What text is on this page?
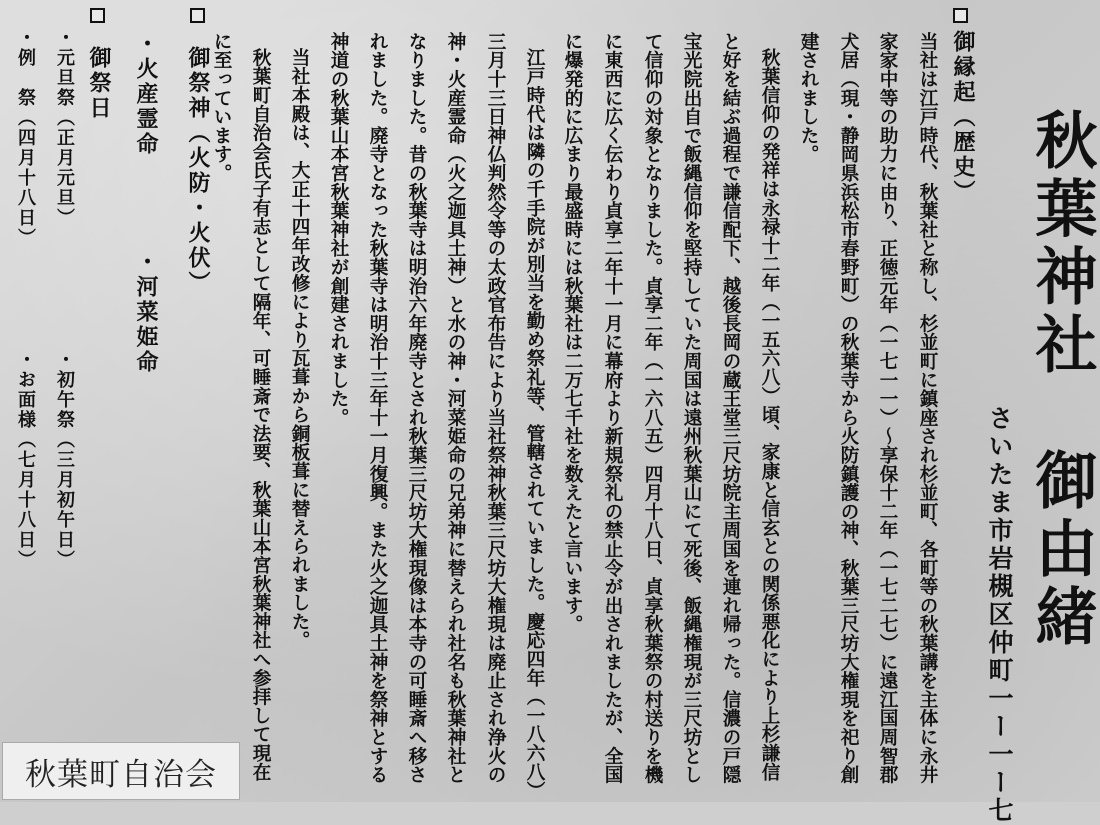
秋葉神社　御由緒

さいたま市岩槻区仲町一ー一ー七

御縁起（歴史）

当社は江戸時代、秋葉社と称し、杉並町に鎮座され杉並町、各町等の秋葉講を主体に永井

家家中等の助力に由り、正徳元年（一七一一）～享保十二年（一七二七）に遠江国周智郡

犬居（現・静岡県浜松市春野町）の秋葉寺から火防鎮護の神、秋葉三尺坊大権現を祀り創

建されました。

秋葉信仰の発祥は永禄十二年（一五六八）頃、家康と信玄との関係悪化により上杉謙信

と好を結ぶ過程で謙信配下、越後長岡の蔵王堂三尺坊院主周国を連れ帰った。信濃の戸隠

宝光院出自で飯縄信仰を堅持していた周国は遠州秋葉山にて死後、飯縄権現が三尺坊とし

て信仰の対象となりました。貞享二年（一六八五）四月十八日、貞享秋葉祭の村送りを機

に東西に広く伝わり貞享二年十一月に幕府より新規祭礼の禁止令が出されましたが、全国

に爆発的に広まり最盛時には秋葉社は二万七千社を数えたと言います。

江戸時代は隣の千手院が別当を勤め祭礼等、管轄されていました。慶応四年（一八六八）

三月十三日神仏判然令等の太政官布告により当社祭神秋葉三尺坊大権現は廃止され浄火の

神・火産霊命（火之迦具土神）と水の神・河菜姫命の兄弟神に替えられ社名も秋葉神社と

なりました。昔の秋葉寺は明治六年廃寺とされ秋葉三尺坊大権現像は本寺の可睡斎へ移さ

れました。廃寺となった秋葉寺は明治十三年十一月復興。また火之迦具土神を祭神とする

神道の秋葉山本宮秋葉神社が創建されました。

当社本殿は、大正十四年改修により瓦葺から銅板葺に替えられました。

秋葉町自治会氏子有志として隔年、可睡斎で法要、秋葉山本宮秋葉神社へ参拝して現在

に至っています。

御祭神（火防・火伏）

・火産霊命

・河菜姫命

御祭日

・元旦祭（正月元旦）

・初午祭（三月初午日）

・例　祭（四月十八日）

・お面様（七月十八日）

秋葉町自治会
